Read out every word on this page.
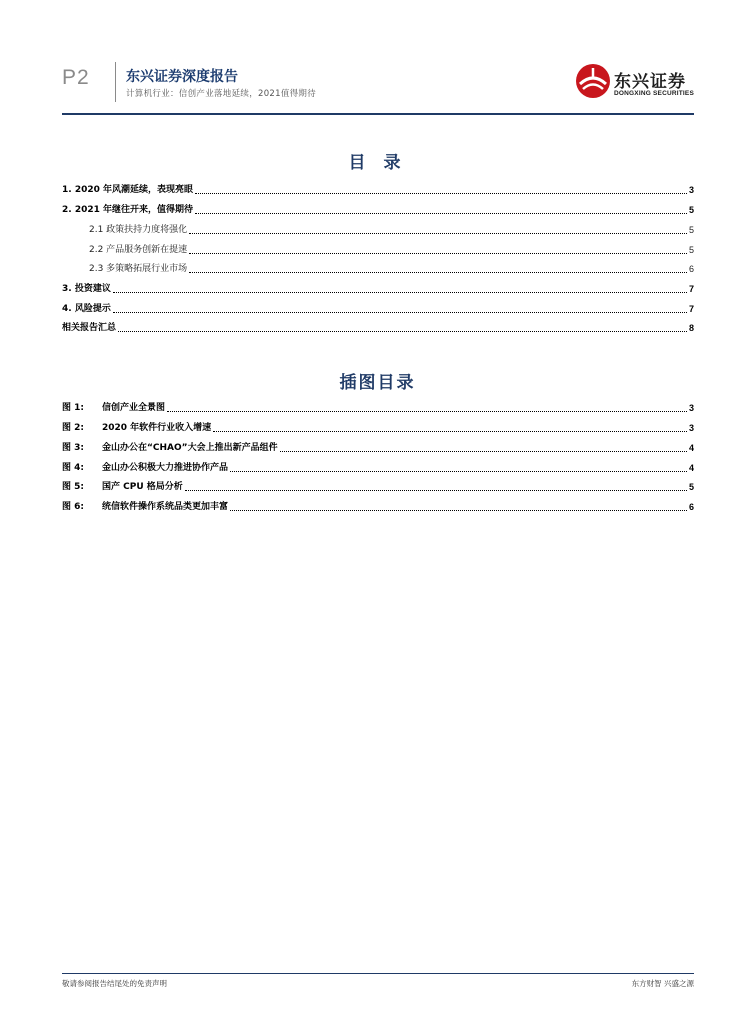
P2	东兴证券深度报告
计算机行业：信创产业落地延续，2021值得期待
东兴证券
DONGXING SECURITIES
目 录
1. 2020 年风潮延续，表现亮眼	3
2. 2021 年继往开来，值得期待	5
2.1 政策扶持力度将强化	5
2.2 产品服务创新在提速	5
2.3 多策略拓展行业市场	6
3. 投资建议	7
4. 风险提示	7
相关报告汇总	8
插图目录
图 1:	信创产业全景图	3
图 2:	2020 年软件行业收入增速	3
图 3:	金山办公在“CHAO”大会上推出新产品组件	4
图 4:	金山办公积极大力推进协作产品	4
图 5:	国产 CPU 格局分析	5
图 6:	统信软件操作系统品类更加丰富	6
敬请参阅报告结尾处的免责声明	东方财智 兴盛之源
